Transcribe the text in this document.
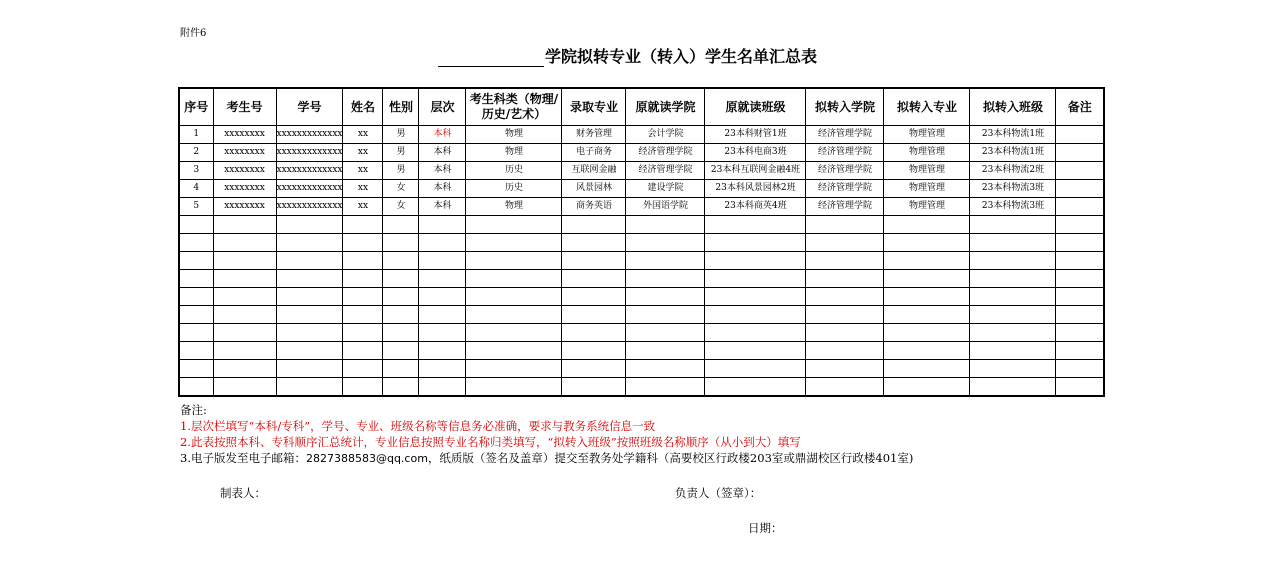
附件6
学院拟转专业（转入）学生名单汇总表
序号	考生号	学号	姓名	性别	层次	考生科类（物理/历史/艺术）	录取专业	原就读学院	原就读班级	拟转入学院	拟转入专业	拟转入班级	备注
1	xxxxxxxx	xxxxxxxxxxxxx	xx	男	本科	物理	财务管理	会计学院	23本科财管1班	经济管理学院	物理管理	23本科物流1班	
2	xxxxxxxx	xxxxxxxxxxxxx	xx	男	本科	物理	电子商务	经济管理学院	23本科电商3班	经济管理学院	物理管理	23本科物流1班	
3	xxxxxxxx	xxxxxxxxxxxxx	xx	男	本科	历史	互联网金融	经济管理学院	23本科互联网金融4班	经济管理学院	物理管理	23本科物流2班	
4	xxxxxxxx	xxxxxxxxxxxxx	xx	女	本科	历史	风景园林	建设学院	23本科风景园林2班	经济管理学院	物理管理	23本科物流3班	
5	xxxxxxxx	xxxxxxxxxxxxx	xx	女	本科	物理	商务英语	外国语学院	23本科商英4班	经济管理学院	物理管理	23本科物流3班	

备注:
1.层次栏填写“本科/专科”，学号、专业、班级名称等信息务必准确，要求与教务系统信息一致
2.此表按照本科、专科顺序汇总统计，专业信息按照专业名称归类填写，“拟转入班级”按照班级名称顺序（从小到大）填写
3.电子版发至电子邮箱：2827388583@qq.com，纸质版（签名及盖章）提交至教务处学籍科（高要校区行政楼203室或鼎湖校区行政楼401室)
制表人：	负责人（签章）：
日期：
